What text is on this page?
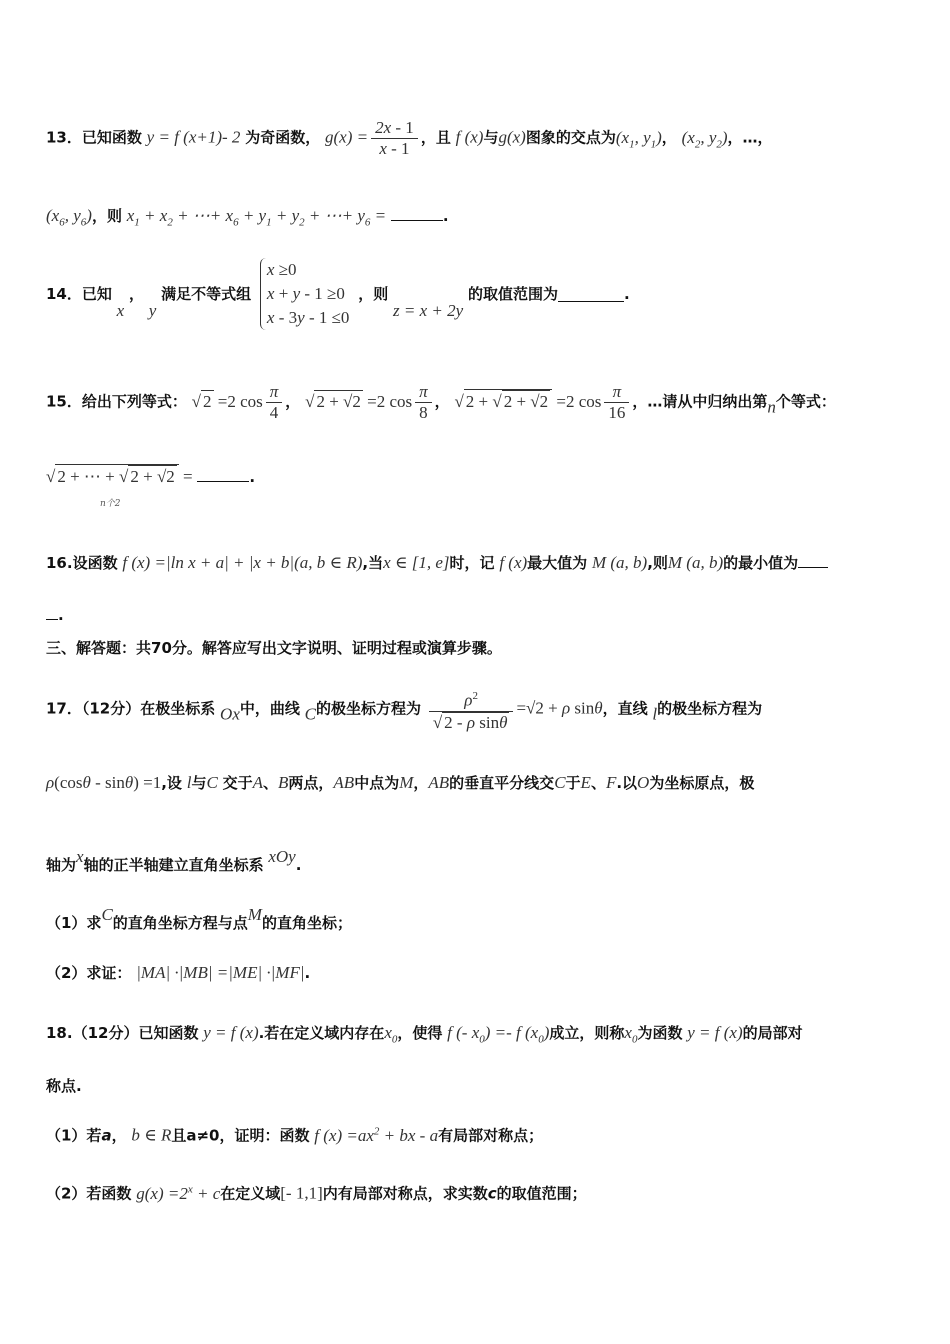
13．已知函数 y = f (x+1)- 2 为奇函数， $g(x) = \frac{2x - 1}{x - 1}$ ，且 f (x)与g(x)图象的交点为($x_1$, $y_1$)， ($x_2$, $y_2$)，…，
($x_6$, $y_6$)，则 $x_1 + x_2$ + ⋯+ $x_6 + y_1 + y_2$ + ⋯+ $y_6$ =	.
14．已知 x ， y 满足不等式组
x ≥0
x + y - 1 ≥0
x - 3y - 1 ≤0
，则 z = x + 2y 的取值范围为	.
15．给出下列等式： √ 2 =2 $\cos \frac{\pi}{4}$ ， √ 2 + √2 =2 $\cos \frac{\pi}{8}$ ， √ 2 + √ 2 + √2 =2 $\cos \frac{\pi}{16}$ ，…请从中归纳出第n个等式：
√ 2 + ⋯ + √ 2 + √2 =	.
n个2
16.设函数 f (x) =|ln x + a| + |x + b|(a, b ∈ R),当x ∈ [1, e]时，记 f (x)最大值为 M (a, b),则M (a, b)的最小值为
.
三、解答题：共70分。解答应写出文字说明、证明过程或演算步骤。
17．（12分）在极坐标系 Ox中，曲线 C的极坐标方程为 $\frac{\rho^2}{\text{√ 2 - ρ sinθ}} =√2 + \rho$ sinθ，直线 l的极坐标方程为
ρ(cosθ - sinθ) =1,设 l与C 交于A、B两点，AB中点为M，AB的垂直平分线交C于E、F.以O为坐标原点，极
轴为x轴的正半轴建立直角坐标系 xOy.
（1）求C的直角坐标方程与点M的直角坐标；
（2）求证： |MA| ·|MB| =|ME| ·|MF|.
18.（12分）已知函数 y = f (x).若在定义域内存在$x_0$，使得 f (- $x_0) =- f$ $(x_0)$成立，则称$x_0$为函数 y = f (x)的局部对
称点.
（1）若a， b ∈ R且a≠0，证明：函数 f $(x) =ax^2$ + bx - a有局部对称点；
（2）若函数 $g(x) =2^x + c$在定义域[- 1,1]内有局部对称点，求实数c的取值范围；
